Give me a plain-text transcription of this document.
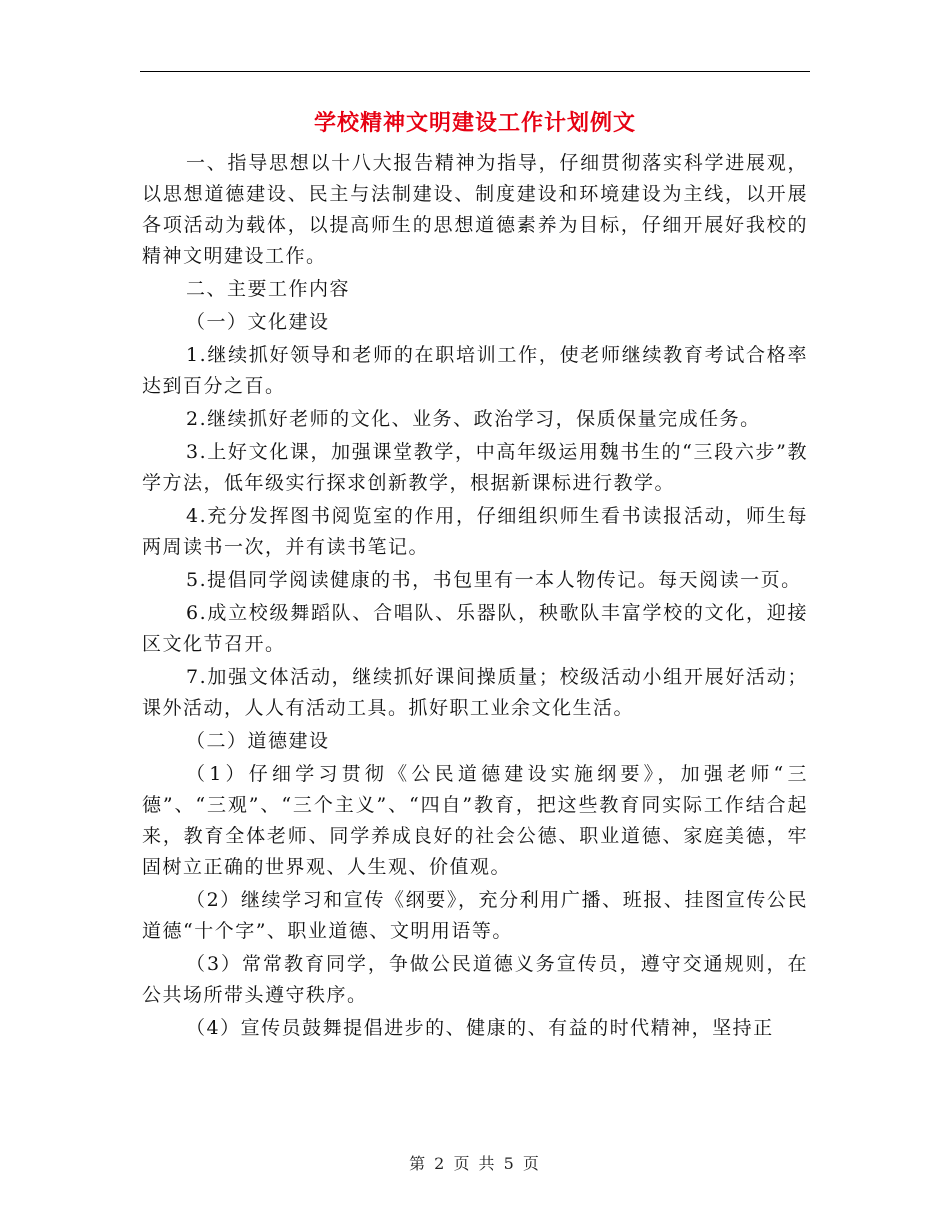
学校精神文明建设工作计划例文

一、指导思想以十八大报告精神为指导，仔细贯彻落实科学进展观，以思想道德建设、民主与法制建设、制度建设和环境建设为主线，以开展各项活动为载体，以提高师生的思想道德素养为目标，仔细开展好我校的精神文明建设工作。

二、主要工作内容

（一）文化建设

1.继续抓好领导和老师的在职培训工作，使老师继续教育考试合格率达到百分之百。

2.继续抓好老师的文化、业务、政治学习，保质保量完成任务。

3.上好文化课，加强课堂教学，中高年级运用魏书生的“三段六步”教学方法，低年级实行探求创新教学，根据新课标进行教学。

4.充分发挥图书阅览室的作用，仔细组织师生看书读报活动，师生每两周读书一次，并有读书笔记。

5.提倡同学阅读健康的书，书包里有一本人物传记。每天阅读一页。

6.成立校级舞蹈队、合唱队、乐器队，秧歌队丰富学校的文化，迎接区文化节召开。

7.加强文体活动，继续抓好课间操质量；校级活动小组开展好活动；课外活动，人人有活动工具。抓好职工业余文化生活。

（二）道德建设

（1）仔细学习贯彻《公民道德建设实施纲要》，加强老师“三德”、“三观”、“三个主义”、“四自”教育，把这些教育同实际工作结合起来，教育全体老师、同学养成良好的社会公德、职业道德、家庭美德，牢固树立正确的世界观、人生观、价值观。

（2）继续学习和宣传《纲要》，充分利用广播、班报、挂图宣传公民道德“十个字”、职业道德、文明用语等。

（3）常常教育同学，争做公民道德义务宣传员，遵守交通规则，在公共场所带头遵守秩序。

（4）宣传员鼓舞提倡进步的、健康的、有益的时代精神，坚持正

第 2 页 共 5 页
